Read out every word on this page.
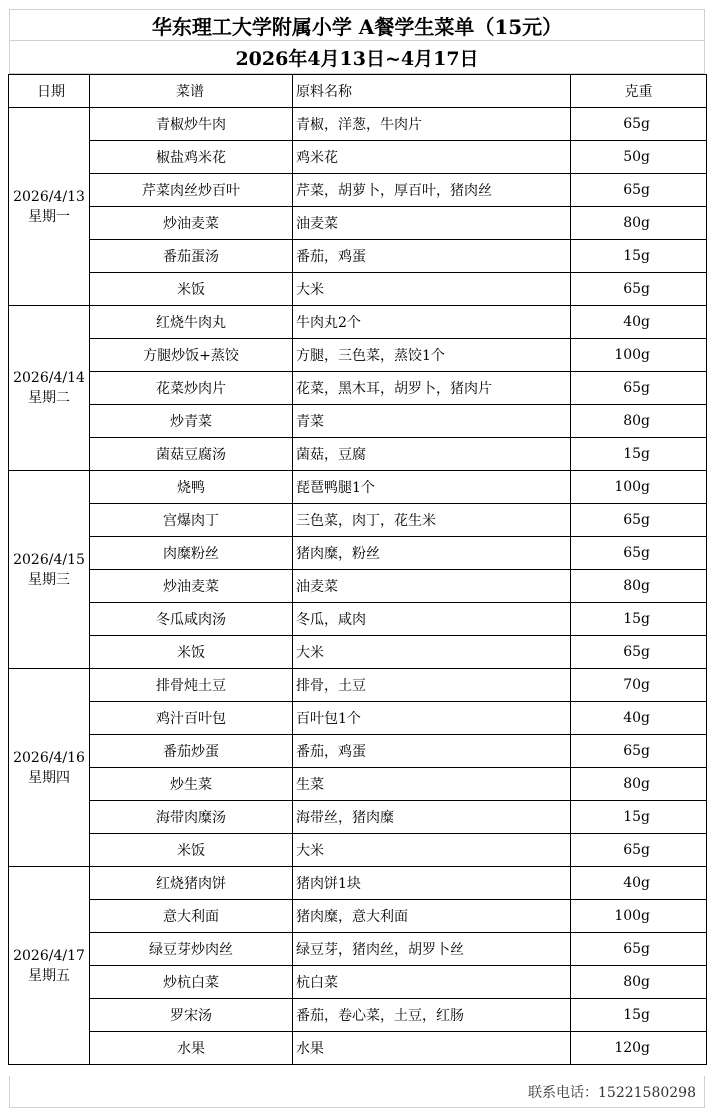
华东理工大学附属小学 A餐学生菜单（15元）
2026年4月13日~4月17日
日期	菜谱	原料名称	克重

2026/4/13
星期一	青椒炒牛肉	青椒，洋葱，牛肉片	65g
	椒盐鸡米花	鸡米花	50g
	芹菜肉丝炒百叶	芹菜，胡萝卜，厚百叶，猪肉丝	65g
	炒油麦菜	油麦菜	80g
	番茄蛋汤	番茄，鸡蛋	15g
	米饭	大米	65g

2026/4/14
星期二	红烧牛肉丸	牛肉丸2个	40g
	方腿炒饭+蒸饺	方腿，三色菜，蒸饺1个	100g
	花菜炒肉片	花菜，黑木耳，胡罗卜，猪肉片	65g
	炒青菜	青菜	80g
	菌菇豆腐汤	菌菇，豆腐	15g

2026/4/15
星期三	烧鸭	琵琶鸭腿1个	100g
	宫爆肉丁	三色菜，肉丁，花生米	65g
	肉糜粉丝	猪肉糜，粉丝	65g
	炒油麦菜	油麦菜	80g
	冬瓜咸肉汤	冬瓜，咸肉	15g
	米饭	大米	65g

2026/4/16
星期四	排骨炖土豆	排骨，土豆	70g
	鸡汁百叶包	百叶包1个	40g
	番茄炒蛋	番茄，鸡蛋	65g
	炒生菜	生菜	80g
	海带肉糜汤	海带丝，猪肉糜	15g
	米饭	大米	65g

2026/4/17
星期五	红烧猪肉饼	猪肉饼1块	40g
	意大利面	猪肉糜，意大利面	100g
	绿豆芽炒肉丝	绿豆芽，猪肉丝，胡罗卜丝	65g
	炒杭白菜	杭白菜	80g
	罗宋汤	番茄，卷心菜，土豆，红肠	15g
	水果	水果	120g
联系电话：15221580298
